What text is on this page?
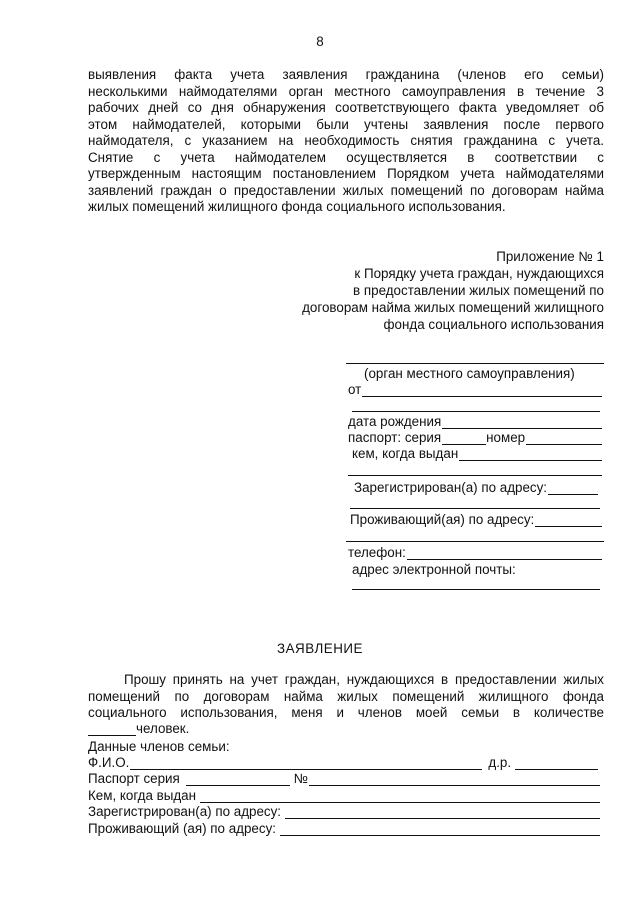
8
выявления факта учета заявления гражданина (членов его семьи)
несколькими наймодателями орган местного самоуправления в течение 3
рабочих дней со дня обнаружения соответствующего факта уведомляет об
этом наймодателей, которыми были учтены заявления после первого
наймодателя, с указанием на необходимость снятия гражданина с учета.
Снятие с учета наймодателем осуществляется в соответствии с
утвержденным настоящим постановлением Порядком учета наймодателями
заявлений граждан о предоставлении жилых помещений по договорам найма
жилых помещений жилищного фонда социального использования.
Приложение № 1
к Порядку учета граждан, нуждающихся
в предоставлении жилых помещений по
договорам найма жилых помещений жилищного
фонда социального использования
(орган местного самоуправления)
от
дата рождения
паспорт: серия	номер
кем, когда выдан
Зарегистрирован(а) по адресу:
Проживающий(ая) по адресу:
телефон:
адрес электронной почты:
ЗАЯВЛЕНИЕ
Прошу принять на учет граждан, нуждающихся в предоставлении жилых
помещений по договорам найма жилых помещений жилищного фонда
социального использования, меня и членов моей семьи в количестве
человек.
Данные членов семьи:
Ф.И.О.	д.р.
Паспорт серия	№
Кем, когда выдан
Зарегистрирован(а) по адресу:
Проживающий (ая) по адресу:
